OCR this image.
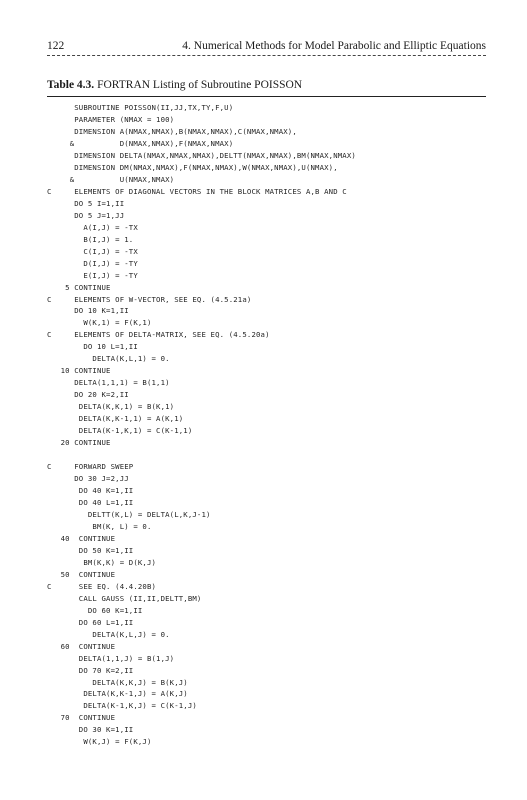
122	4. Numerical Methods for Model Parabolic and Elliptic Equations
Table 4.3. FORTRAN Listing of Subroutine POISSON
SUBROUTINE POISSON(II,JJ,TX,TY,F,U)
PARAMETER (NMAX = 100)
DIMENSION A(NMAX,NMAX),B(NMAX,NMAX),C(NMAX,NMAX),
&          D(NMAX,NMAX),F(NMAX,NMAX)
DIMENSION DELTA(NMAX,NMAX,NMAX),DELTT(NMAX,NMAX),BM(NMAX,NMAX)
DIMENSION DM(NMAX,NMAX),F(NMAX,NMAX),W(NMAX,NMAX),U(NMAX),
&          U(NMAX,NMAX)
C     ELEMENTS OF DIAGONAL VECTORS IN THE BLOCK MATRICES A,B AND C
DO 5 I=1,II
DO 5 J=1,JJ
A(I,J) = -TX
B(I,J) = 1.
C(I,J) = -TX
D(I,J) = -TY
E(I,J) = -TY
5 CONTINUE
C     ELEMENTS OF W-VECTOR, SEE EQ. (4.5.21a)
DO 10 K=1,II
W(K,1) = F(K,1)
C     ELEMENTS OF DELTA-MATRIX, SEE EQ. (4.5.20a)
DO 10 L=1,II
DELTA(K,L,1) = 0.
10 CONTINUE
DELTA(1,1,1) = B(1,1)
DO 20 K=2,II
DELTA(K,K,1) = B(K,1)
DELTA(K,K-1,1) = A(K,1)
DELTA(K-1,K,1) = C(K-1,1)
20 CONTINUE
C     FORWARD SWEEP
DO 30 J=2,JJ
DO 40 K=1,II
DO 40 L=1,II
DELTT(K,L) = DELTA(L,K,J-1)
BM(K, L) = 0.
40  CONTINUE
DO 50 K=1,II
BM(K,K) = D(K,J)
50  CONTINUE
C      SEE EQ. (4.4.20B)
CALL GAUSS (II,II,DELTT,BM)
DO 60 K=1,II
DO 60 L=1,II
DELTA(K,L,J) = 0.
60  CONTINUE
DELTA(1,1,J) = B(1,J)
DO 70 K=2,II
DELTA(K,K,J) = B(K,J)
DELTA(K,K-1,J) = A(K,J)
DELTA(K-1,K,J) = C(K-1,J)
70  CONTINUE
DO 30 K=1,II
W(K,J) = F(K,J)
